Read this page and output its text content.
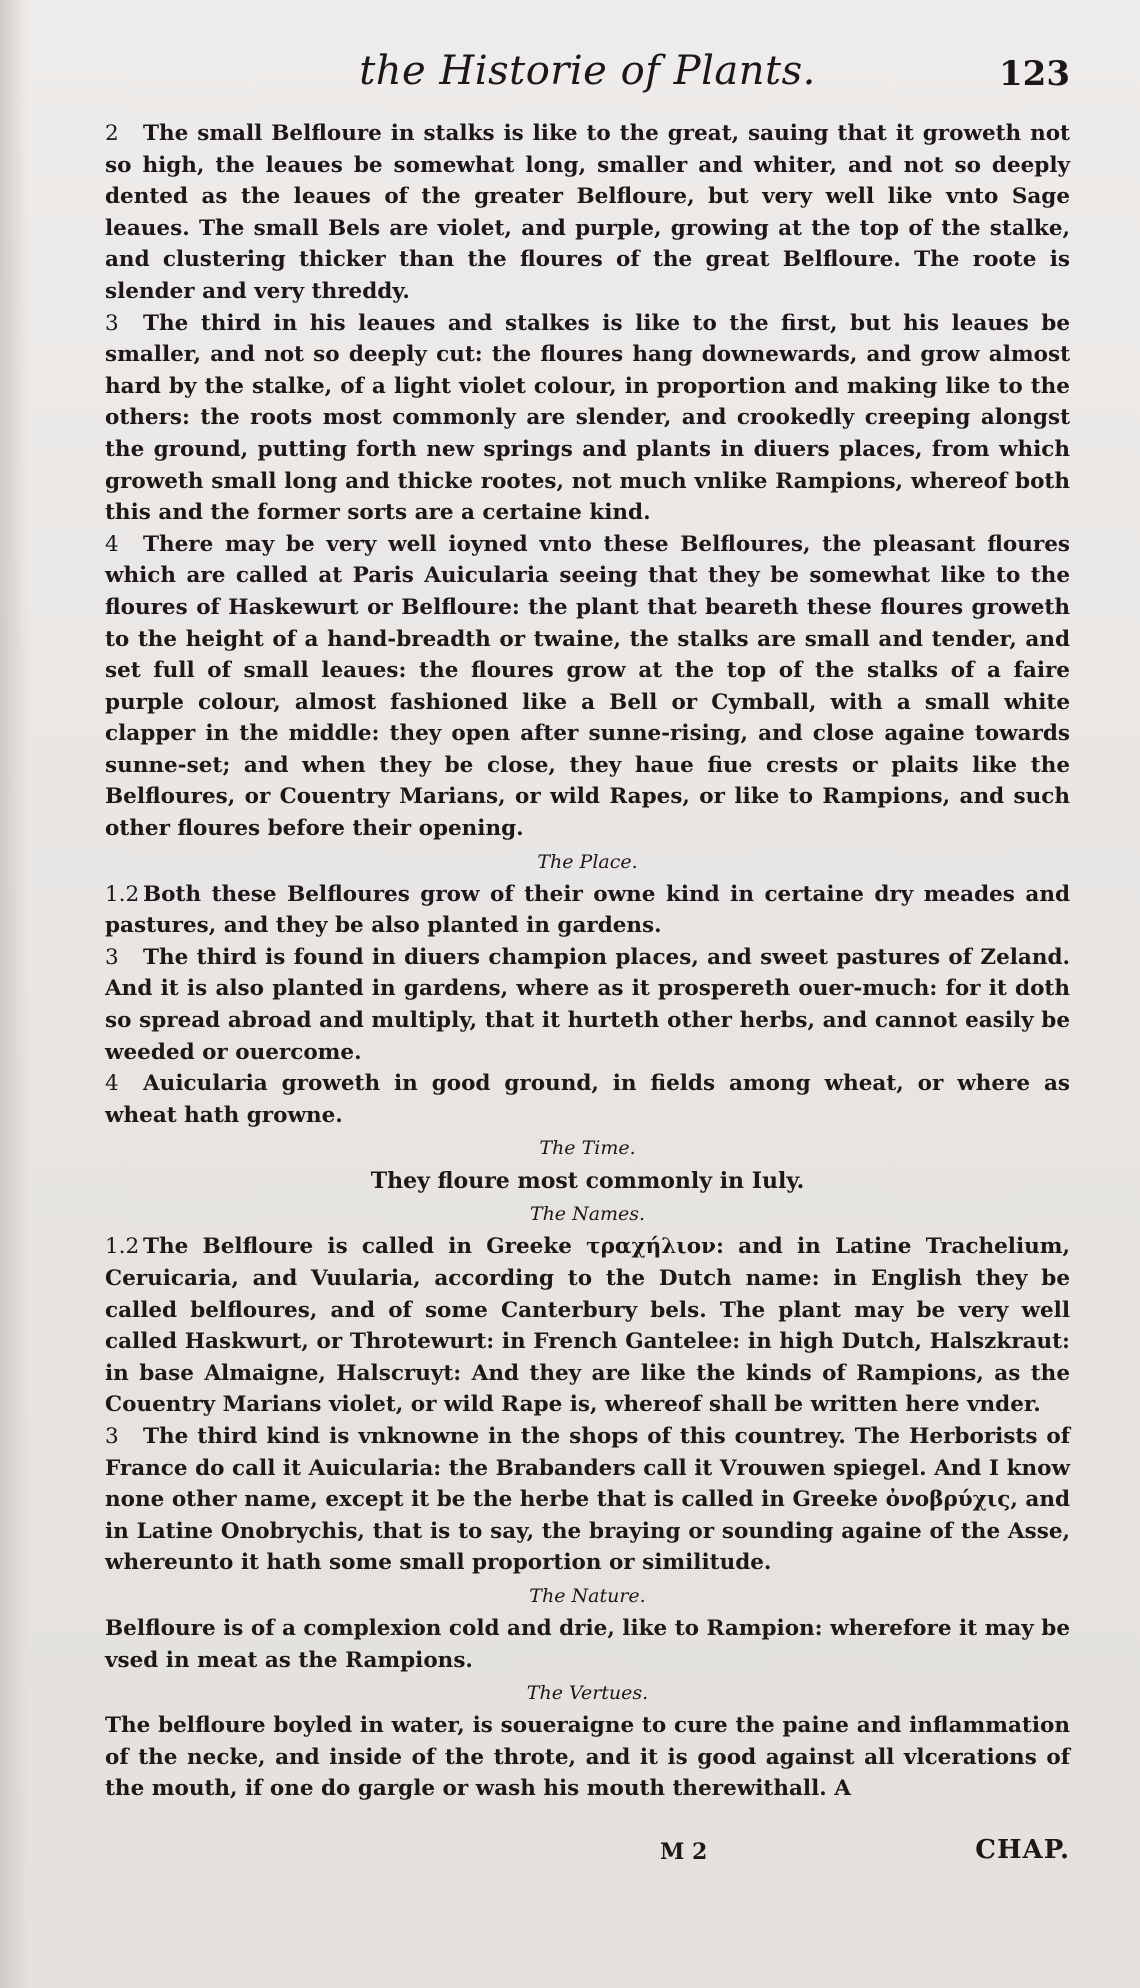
the Historie of Plants.	123

2 The small Belfloure in stalks is like to the great, sauing that it groweth not so high, the leaues be somewhat long, smaller and whiter, and not so deeply dented as the leaues of the greater Belfloure, but very well like vnto Sage leaues. The small Bels are violet, and purple, growing at the top of the stalke, and clustering thicker than the floures of the great Belfloure. The roote is slender and very threddy.

3 The third in his leaues and stalkes is like to the first, but his leaues be smaller, and not so deeply cut: the floures hang downewards, and grow almost hard by the stalke, of a light violet colour, in proportion and making like to the others: the roots most commonly are slender, and crookedly creeping alongst the ground, putting forth new springs and plants in diuers places, from which groweth small long and thicke rootes, not much vnlike Rampions, whereof both this and the former sorts are a certaine kind.

4 There may be very well ioyned vnto these Belfloures, the pleasant floures which are called at Paris Auicularia seeing that they be somewhat like to the floures of Haskewurt or Belfloure: the plant that beareth these floures groweth to the height of a hand-breadth or twaine, the stalks are small and tender, and set full of small leaues: the floures grow at the top of the stalks of a faire purple colour, almost fashioned like a Bell or Cymball, with a small white clapper in the middle: they open after sunne-rising, and close againe towards sunne-set; and when they be close, they haue fiue crests or plaits like the Belfloures, or Couentry Marians, or wild Rapes, or like to Rampions, and such other floures before their opening.

The Place.

1.2 Both these Belfloures grow of their owne kind in certaine dry meades and pastures, and they be also planted in gardens.

3 The third is found in diuers champion places, and sweet pastures of Zeland. And it is also planted in gardens, where as it prospereth ouer-much: for it doth so spread abroad and multiply, that it hurteth other herbs, and cannot easily be weeded or ouercome.

4 Auicularia groweth in good ground, in fields among wheat, or where as wheat hath growne.

The Time.
They floure most commonly in Iuly.
The Names.

1.2 The Belfloure is called in Greeke τραχήλιον: and in Latine Trachelium, Ceruicaria, and Vuularia, according to the Dutch name: in English they be called belfloures, and of some Canterbury bels. The plant may be very well called Haskwurt, or Throtewurt: in French Gantelee: in high Dutch, Halszkraut: in base Almaigne, Halscruyt: And they are like the kinds of Rampions, as the Couentry Marians violet, or wild Rape is, whereof shall be written here vnder.

3 The third kind is vnknowne in the shops of this countrey. The Herborists of France do call it Auicularia: the Brabanders call it Vrouwen spiegel. And I know none other name, except it be the herbe that is called in Greeke ὀνοβρύχις, and in Latine Onobrychis, that is to say, the braying or sounding againe of the Asse, whereunto it hath some small proportion or similitude.

The Nature.

Belfloure is of a complexion cold and drie, like to Rampion: wherefore it may be vsed in meat as the Rampions.

The Vertues.

The belfloure boyled in water, is soueraigne to cure the paine and inflammation of the necke, and inside of the throte, and it is good against all vlcerations of the mouth, if one do gargle or wash his mouth therewithall. A

M 2	CHAP.
